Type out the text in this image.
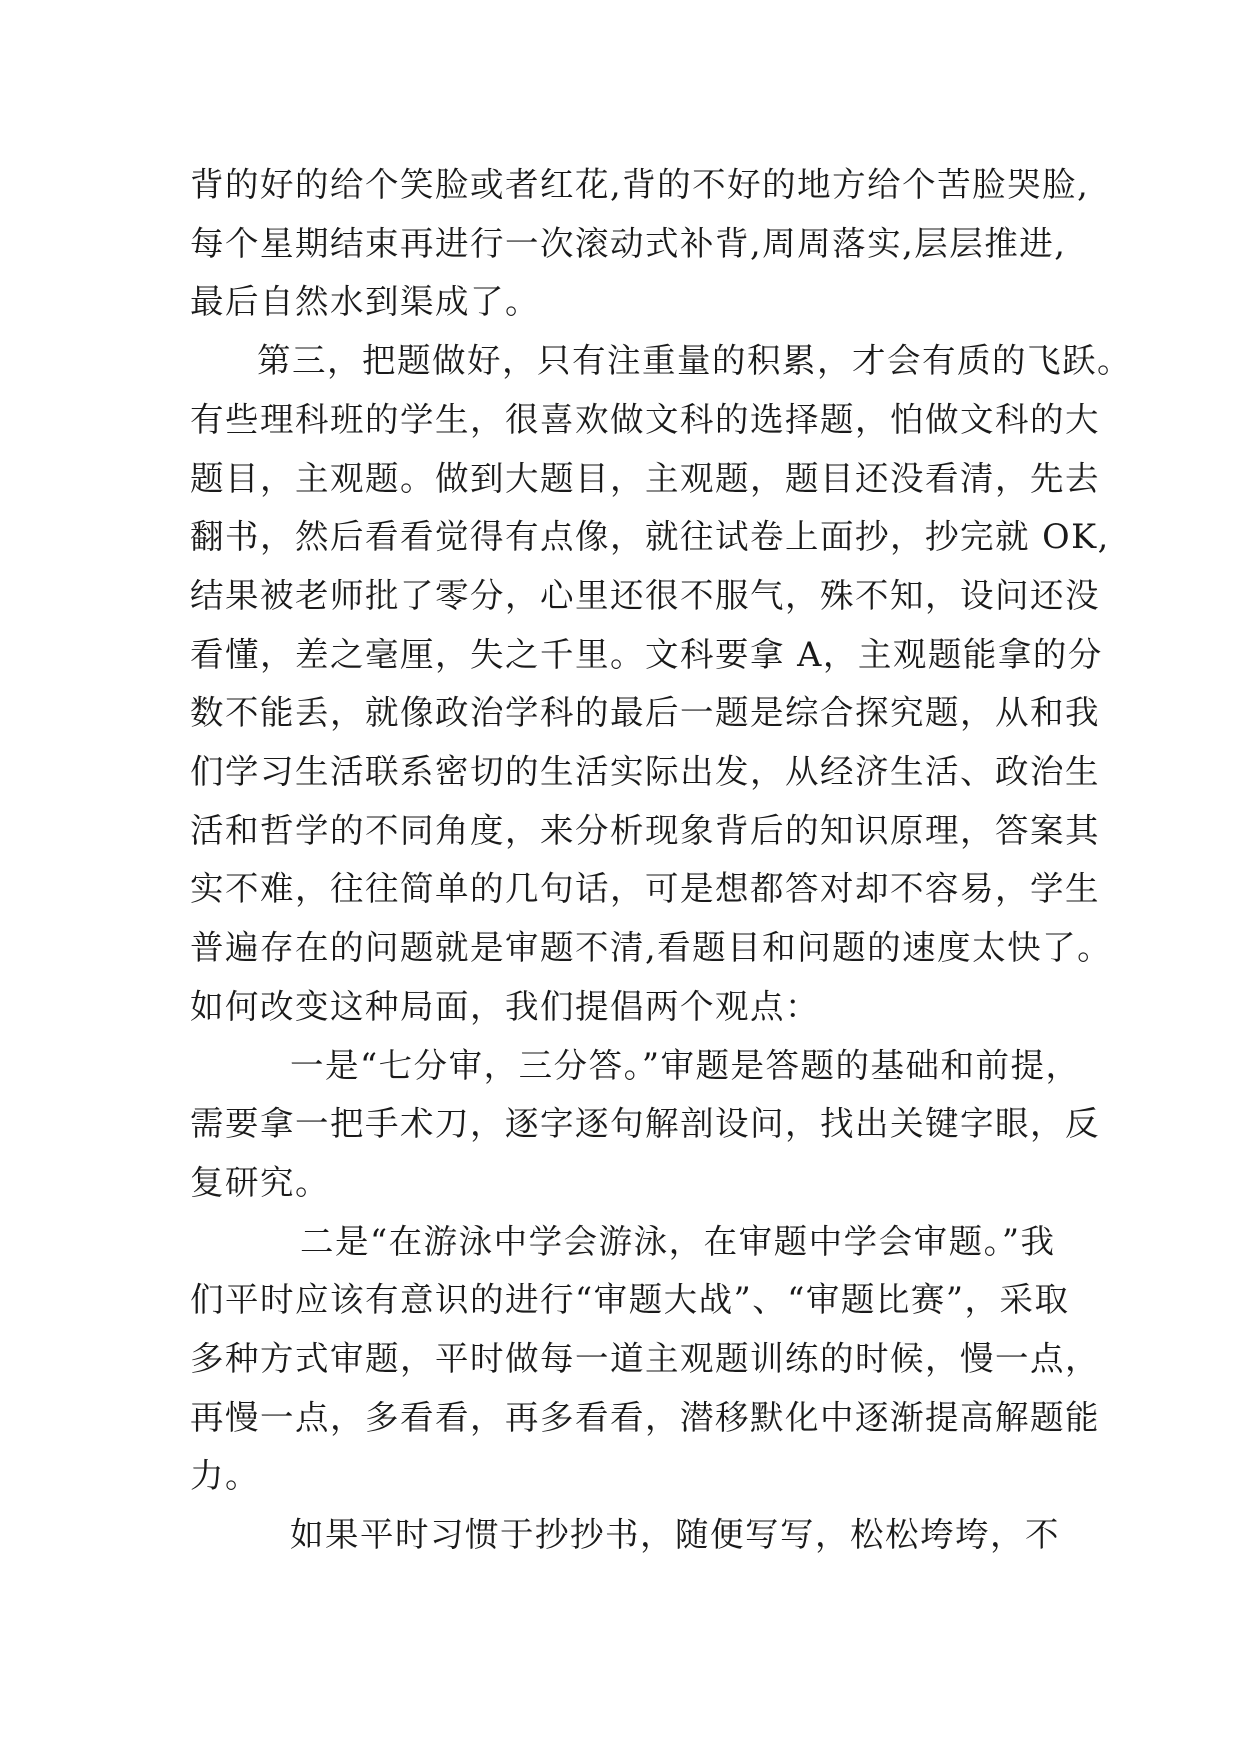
背的好的给个笑脸或者红花,背的不好的地方给个苦脸哭脸,
每个星期结束再进行一次滚动式补背,周周落实,层层推进,
最后自然水到渠成了。

第三，把题做好，只有注重量的积累，才会有质的飞跃。
有些理科班的学生，很喜欢做文科的选择题，怕做文科的大
题目，主观题。做到大题目，主观题，题目还没看清，先去
翻书，然后看看觉得有点像，就往试卷上面抄，抄完就 OK,
结果被老师批了零分，心里还很不服气，殊不知，设问还没
看懂，差之毫厘，失之千里。文科要拿 A，主观题能拿的分
数不能丢，就像政治学科的最后一题是综合探究题，从和我
们学习生活联系密切的生活实际出发，从经济生活、政治生
活和哲学的不同角度，来分析现象背后的知识原理，答案其
实不难，往往简单的几句话，可是想都答对却不容易，学生
普遍存在的问题就是审题不清,看题目和问题的速度太快了。
如何改变这种局面，我们提倡两个观点：

一是“七分审，三分答。”审题是答题的基础和前提，
需要拿一把手术刀，逐字逐句解剖设问，找出关键字眼，反
复研究。

二是“在游泳中学会游泳，在审题中学会审题。”我
们平时应该有意识的进行“审题大战”、“审题比赛”，采取
多种方式审题，平时做每一道主观题训练的时候，慢一点，
再慢一点，多看看，再多看看，潜移默化中逐渐提高解题能
力。

如果平时习惯于抄抄书，随便写写，松松垮垮，不
